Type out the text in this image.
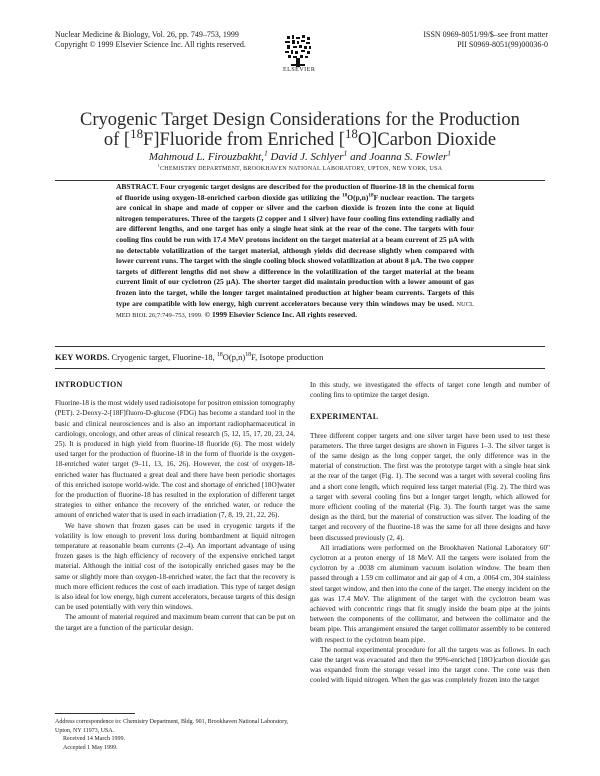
Nuclear Medicine & Biology, Vol. 26, pp. 749–753, 1999
Copyright © 1999 Elsevier Science Inc. All rights reserved.
ELSEVIER
ISSN 0969-8051/99/$–see front matter
PII S0969-8051(99)00036-0
Cryogenic Target Design Considerations for the Production
of [$^{18}$F]Fluoride from Enriched [$^{18}$O]Carbon Dioxide
Mahmoud L. Firouzbakht,$^1$ David J. Schlyer$^1$ and Joanna S. Fowler$^1$
$^1$CHEMISTRY DEPARTMENT, BROOKHAVEN NATIONAL LABORATORY, UPTON, NEW YORK, USA
ABSTRACT. Four cryogenic target designs are described for the production of fluorine-18 in the chemical form of fluoride using oxygen-18-enriched carbon dioxide gas utilizing the $^{18}O(p,n)^{18}F$ nuclear reaction. The targets are conical in shape and made of copper or silver and the carbon dioxide is frozen into the cone at liquid nitrogen temperatures. Three of the targets (2 copper and 1 silver) have four cooling fins extending radially and are different lengths, and one target has only a single heat sink at the rear of the cone. The targets with four cooling fins could be run with 17.4 MeV protons incident on the target material at a beam current of 25 µA with no detectable volatilization of the target material, although yields did decrease slightly when compared with lower current runs. The target with the single cooling block showed volatilization at about 8 µA. The two copper targets of different lengths did not show a difference in the volatilization of the target material at the beam current limit of our cyclotron (25 µA). The shorter target did maintain production with a lower amount of gas frozen into the target, while the longer target maintained production at higher beam currents. Targets of this type are compatible with low energy, high current accelerators because very thin windows may be used. NUCL MED BIOL 26;7:749–753, 1999. © 1999 Elsevier Science Inc. All rights reserved.
KEY WORDS. Cryogenic target, Fluorine-18, $^{18}O(p,n)^{18}F$, Isotope production
INTRODUCTION

Fluorine-18 is the most widely used radioisotope for positron emission tomography (PET). 2-Deoxy-2-[18F]fluoro-D-glucose (FDG) has become a standard tool in the basic and clinical neurosciences and is also an important radiopharmaceutical in cardiology, oncology, and other areas of clinical research (5, 12, 15, 17, 20, 23, 24, 25). It is produced in high yield from fluorine-18 fluoride (6). The most widely used target for the production of fluorine-18 in the form of fluoride is the oxygen-18-enriched water target (9–11, 13, 16, 26). However, the cost of oxygen-18-enriched water has fluctuated a great deal and there have been periodic shortages of this enriched isotope world-wide. The cost and shortage of enriched [18O]water for the production of fluorine-18 has resulted in the exploration of different target strategies to either enhance the recovery of the enriched water, or reduce the amount of enriched water that is used in each irradiation (7, 8, 19, 21, 22, 26).

We have shown that frozen gases can be used in cryogenic targets if the volatility is low enough to prevent loss during bombardment at liquid nitrogen temperature at reasonable beam currents (2–4). An important advantage of using frozen gases is the high efficiency of recovery of the expensive enriched target material. Although the initial cost of the isotopically enriched gases may be the same or slightly more than oxygen-18-enriched water, the fact that the recovery is much more efficient reduces the cost of each irradiation. This type of target design is also ideal for low energy, high current accelerators, because targets of this design can be used potentially with very thin windows.

The amount of material required and maximum beam current that can be put on the target are a function of the particular design.

In this study, we investigated the effects of target cone length and number of cooling fins to optimize the target design.

EXPERIMENTAL

Three different copper targets and one silver target have been used to test these parameters. The three target designs are shown in Figures 1–3. The silver target is of the same design as the long copper target, the only difference was in the material of construction. The first was the prototype target with a single heat sink at the rear of the target (Fig. 1). The second was a target with several cooling fins and a short cone length, which required less target material (Fig. 2). The third was a target with several cooling fins but a longer target length, which allowed for more efficient cooling of the material (Fig. 3). The fourth target was the same design as the third, but the material of construction was silver. The loading of the target and recovery of the fluorine-18 was the same for all three designs and have been discussed previously (2, 4).

All irradiations were performed on the Brookhaven National Laboratory 60" cyclotron at a proton energy of 18 MeV. All the targets were isolated from the cyclotron by a .0038 cm aluminum vacuum isolation window. The beam then passed through a 1.59 cm collimator and air gap of 4 cm, a .0064 cm, 304 stainless steel target window, and then into the cone of the target. The energy incident on the gas was 17.4 MeV. The alignment of the target with the cyclotron beam was achieved with concentric rings that fit snugly inside the beam pipe at the joints between the components of the collimator, and between the collimator and the beam pipe. This arrangement ensured the target collimator assembly to be centered with respect to the cyclotron beam pipe.

The normal experimental procedure for all the targets was as follows. In each case the target was evacuated and then the 99%-enriched [18O]carbon dioxide gas was expanded from the storage vessel into the target cone. The cone was then cooled with liquid nitrogen. When the gas was completely frozen into the target

Address correspondence to: Chemistry Department, Bldg. 901, Brookhaven National Laboratory, Upton, NY 11973, USA.
Received 14 March 1999.
Accepted 1 May 1999.
